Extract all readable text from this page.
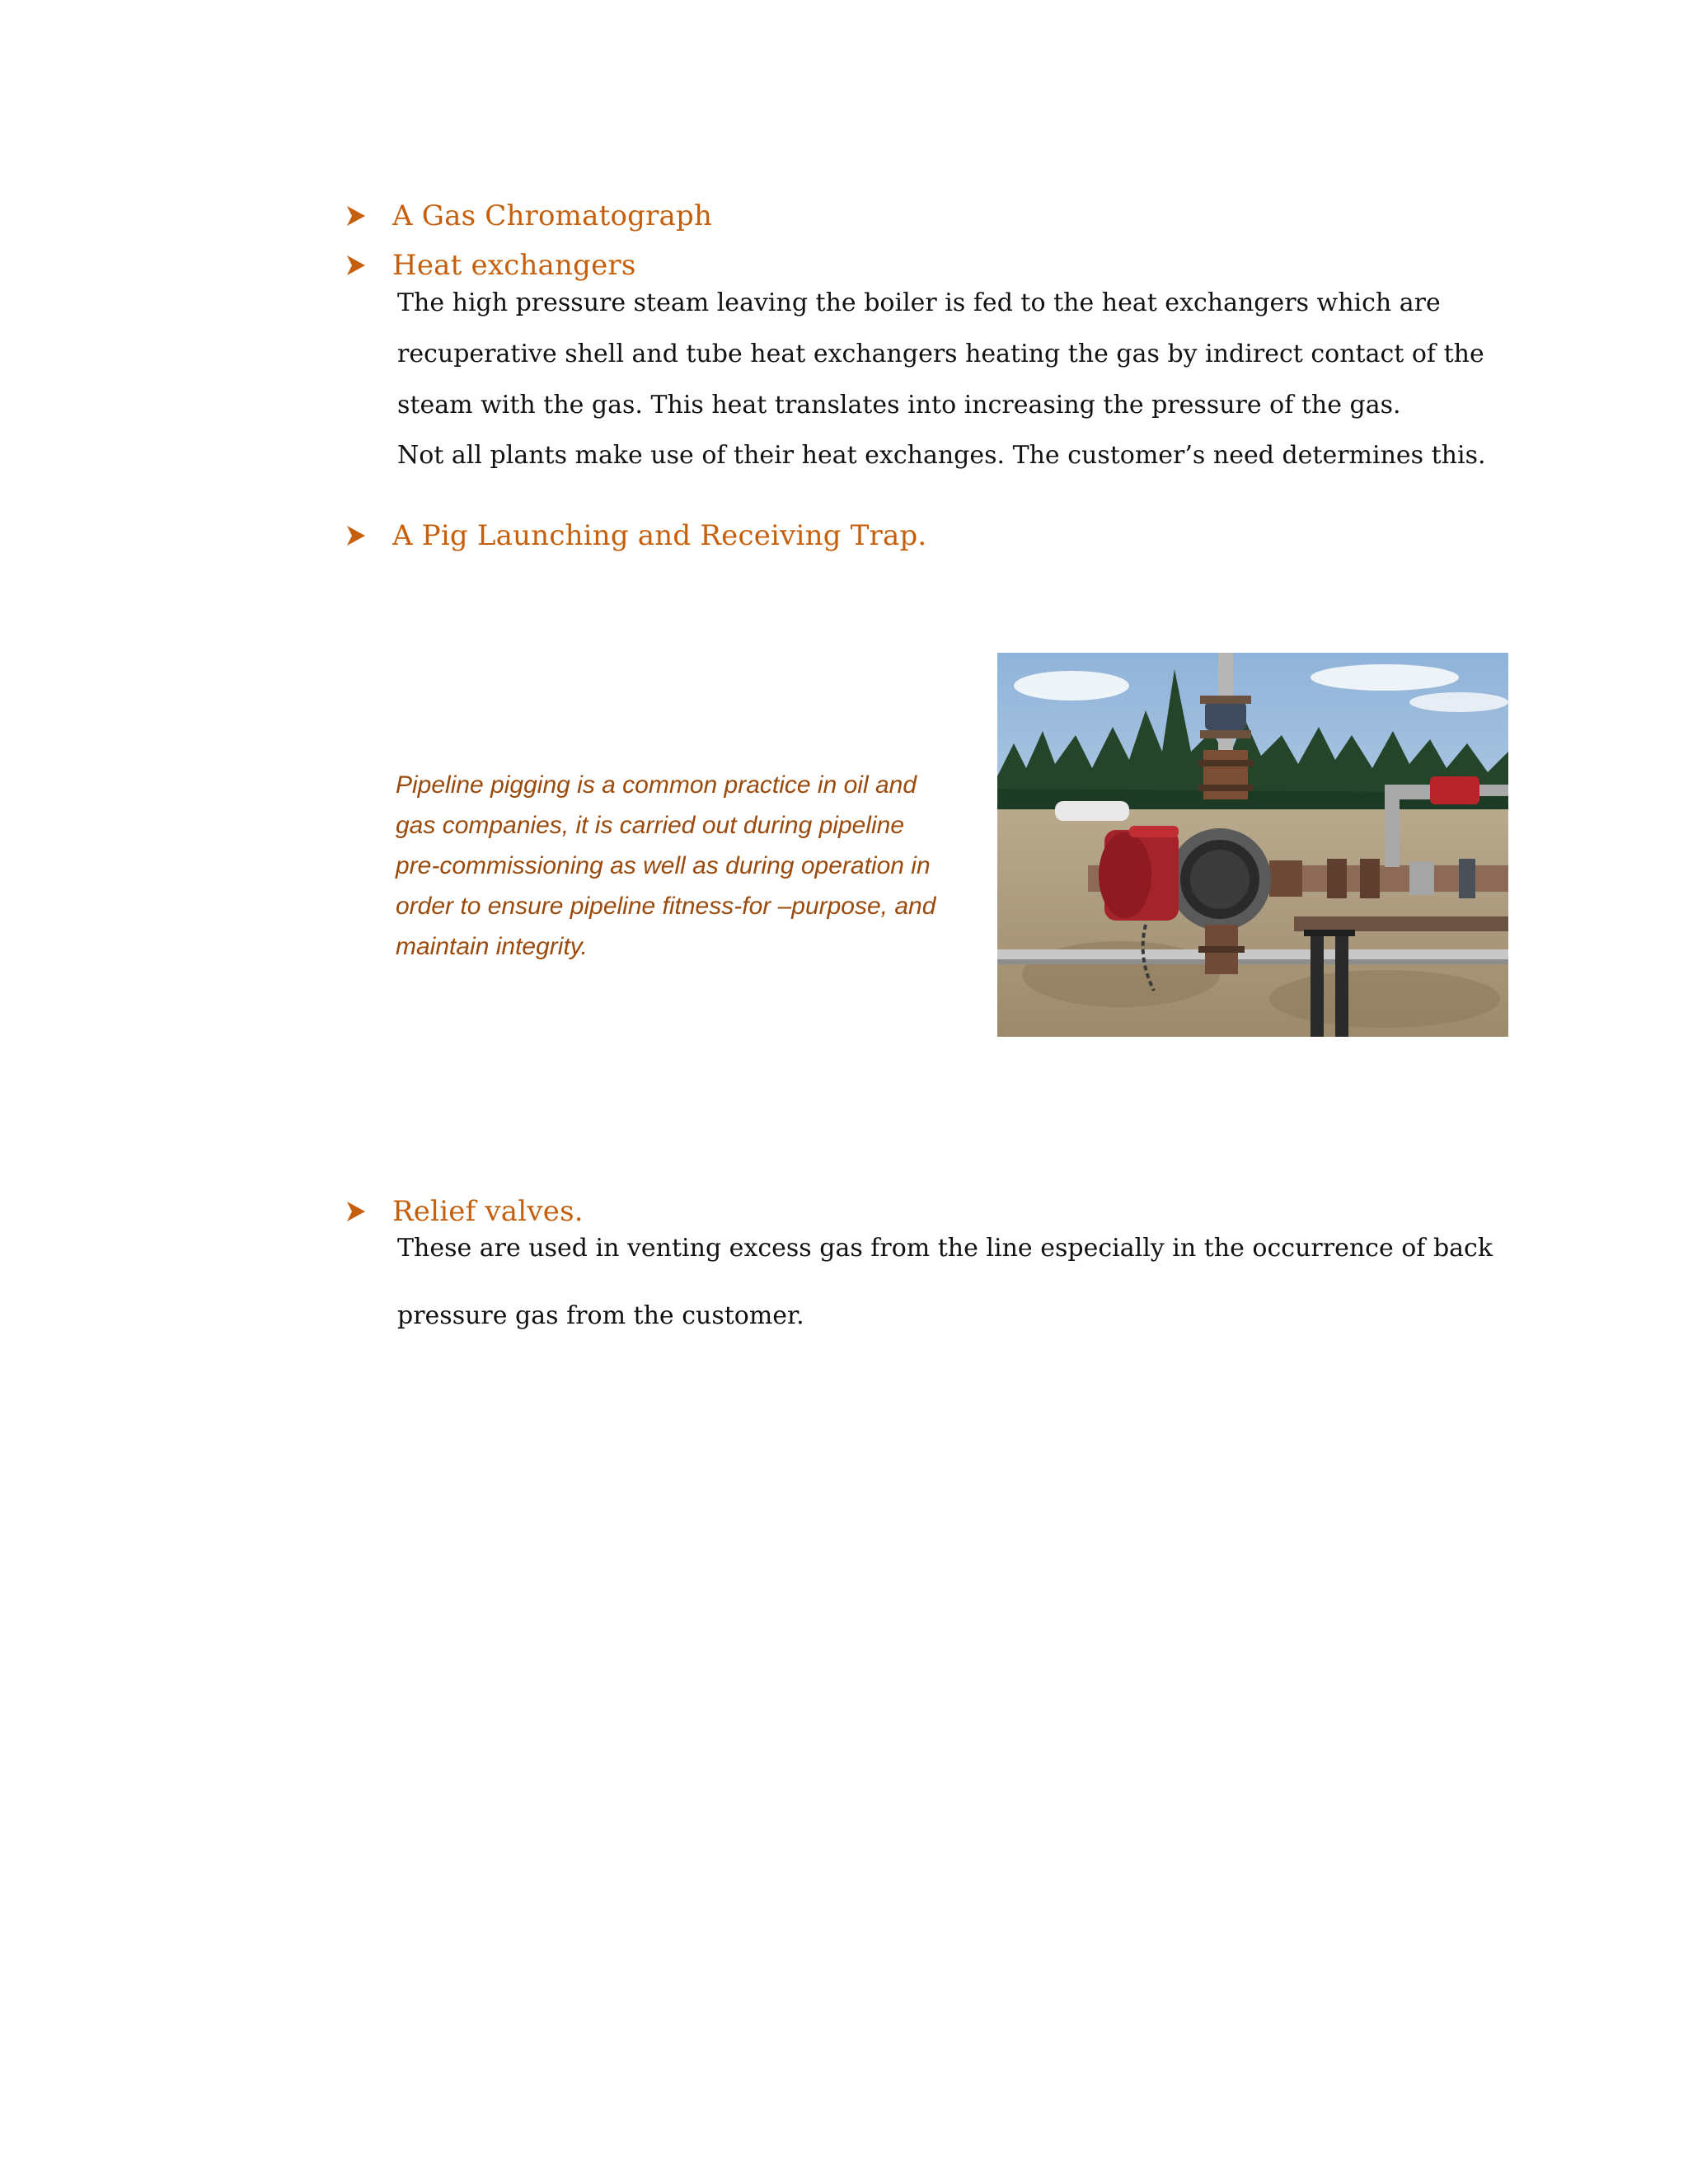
A Gas Chromatograph
Heat exchangers
The high pressure steam leaving the boiler is fed to the heat exchangers which are
recuperative shell and tube heat exchangers heating the gas by indirect contact of the
steam with the gas. This heat translates into increasing the pressure of the gas.
Not all plants make use of their heat exchanges. The customer’s need determines this.
A Pig Launching and Receiving Trap.
Pipeline pigging is a common practice in oil and
gas companies, it is carried out during pipeline
pre-commissioning as well as during operation in
order to ensure pipeline fitness-for –purpose, and
maintain integrity.
Relief valves.
These are used in venting excess gas from the line especially in the occurrence of back
pressure gas from the customer.
